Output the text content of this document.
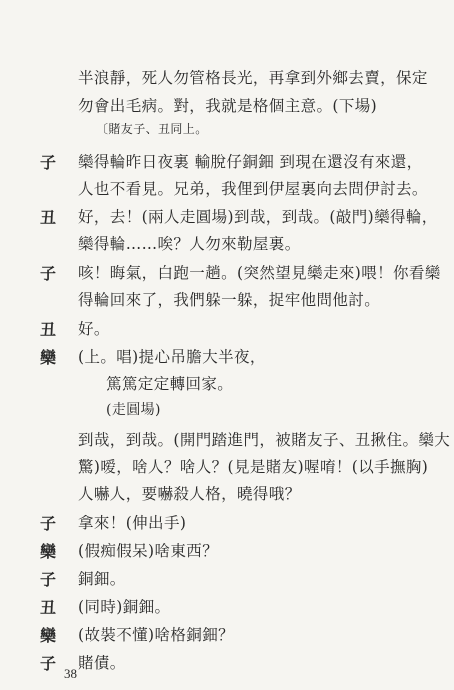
半浪靜，死人勿管格長光，再拿到外鄉去賣，保定
勿會出毛病。對，我就是格個主意。(下場)
〔賭友子、丑同上。
子	欒得輪昨日夜裏 輸脫仔銅鈿 到現在還沒有來還，
人也不看見。兄弟，我俚到伊屋裏向去問伊討去。
丑	好，去！(兩人走圓場)到哉，到哉。(敲門)欒得輪，
欒得輪……唉？人勿來勒屋裏。
子	咳！晦氣，白跑一趟。(突然望見欒走來)喂！你看欒
得輪回來了，我們躲一躲，捉牢他問他討。
丑	好。
欒	(上。唱)提心吊膽大半夜，
篤篤定定轉回家。
(走圓場)
到哉，到哉。(開門踏進門，被賭友子、丑揪住。欒大
驚)嗳，啥人？啥人？(見是賭友)喔唷！(以手撫胸)
人嚇人，要嚇殺人格，曉得哦？
子	拿來！(伸出手)
欒	(假痴假呆)啥東西？
子	銅鈿。
丑	(同時)銅鈿。
欒	(故裝不懂)啥格銅鈿？
子	賭債。
38
